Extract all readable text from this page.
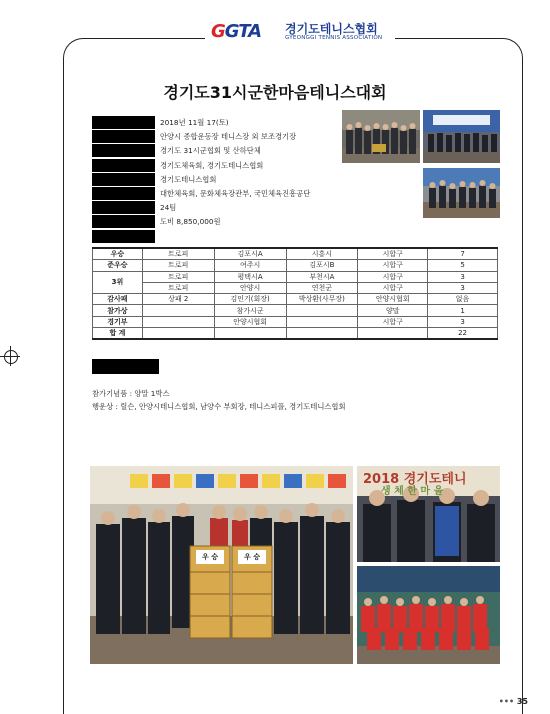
GGTA 경기도테니스협회
GYEONGGI TENNIS ASSOCIATION
경기도31시군한마음테니스대회
2018년 11월 17(토)
안양시 종합운동장 테니스장 외 보조경기장
경기도 31시군협회 및 산하단체
경기도체육회, 경기도테니스협회
경기도테니스협회
대한체육회, 문화체육장관부, 국민체육진흥공단
24팀
도비 8,850,000원
우승	트로피	김포시A	시흥시	시합구	7
준우승	트로피	여주시	김포시B	시합구	5
3위	트로피	평택시A	부천시A	시합구	3
	트로피	안양시	연천군	시합구	3
감사패	상패 2	김인기(회장)	박상환(사무장)	안양시협회	없음
참가상		참가시군		양말	1
경기부		안양시협회		시합구	3
합 계					22
참가기념품 : 양말 1박스
행운상 : 릴슨, 안양시테니스협회, 남양수 부회장, 테니스피플, 경기도테니스협회
우 승	우 승
2018 경기도테니
생 체 한 마 을
••• 35
